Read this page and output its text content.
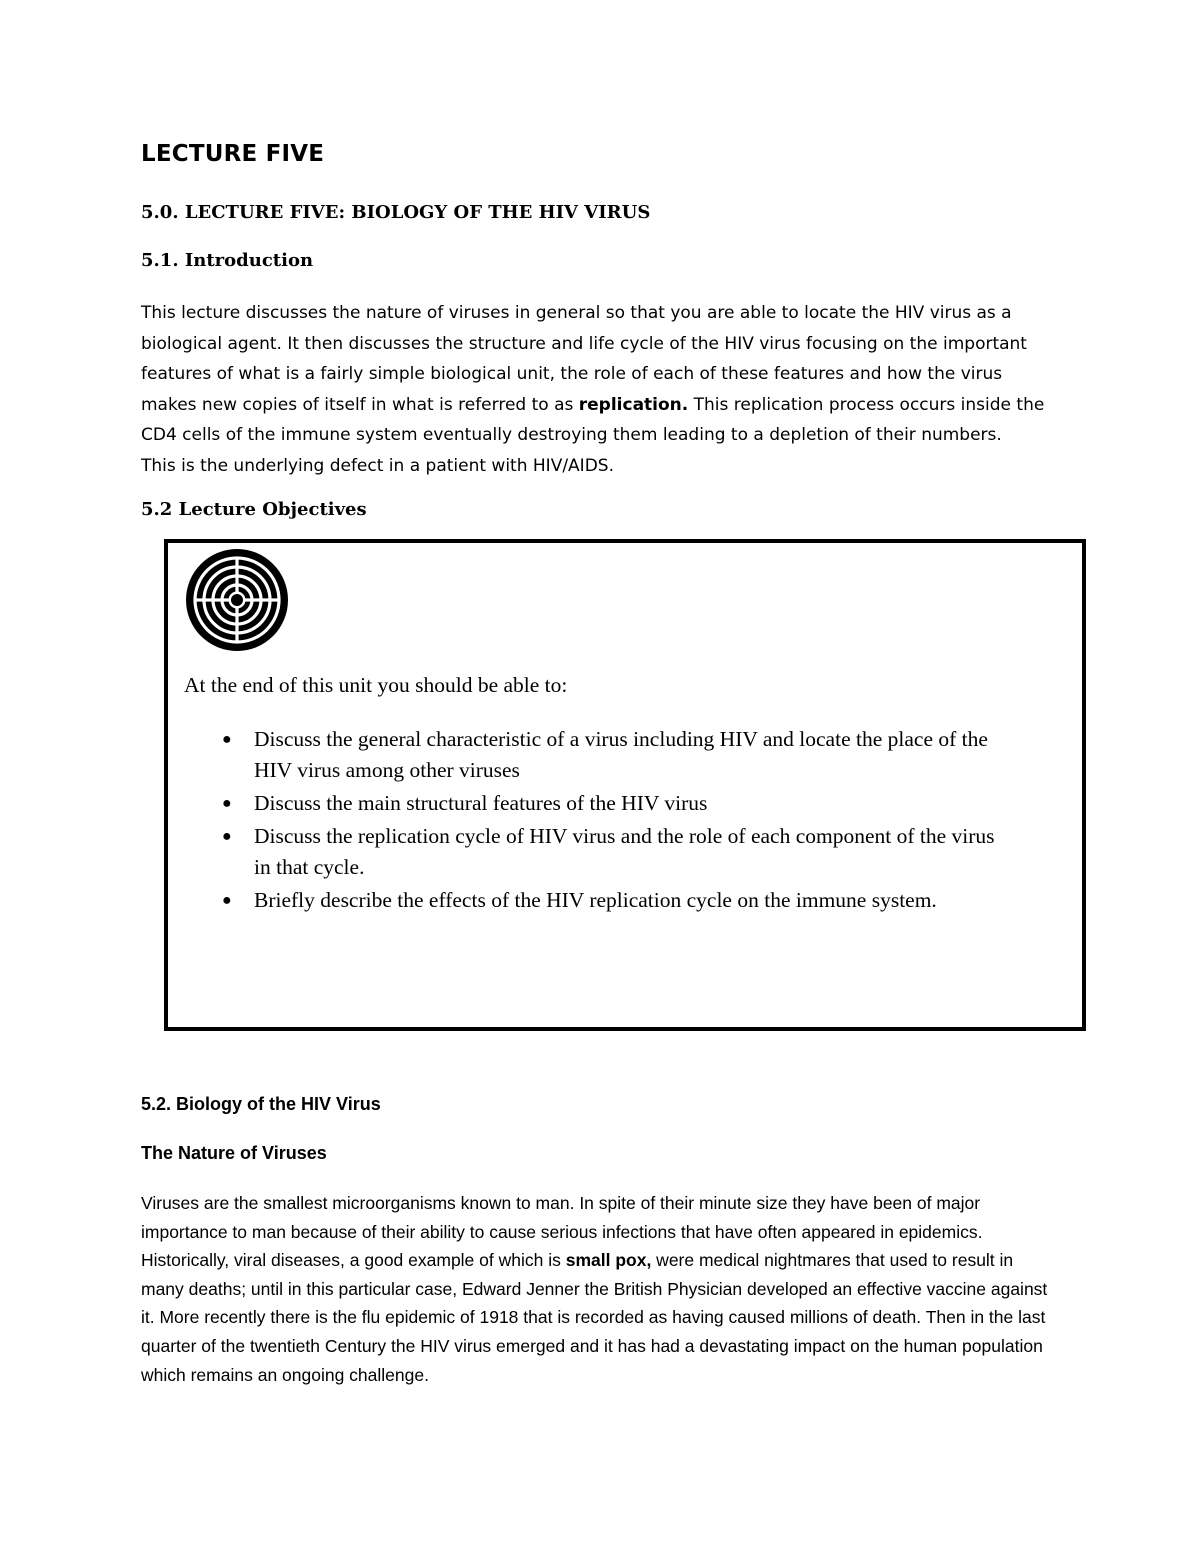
LECTURE FIVE
5.0. LECTURE FIVE: BIOLOGY OF THE HIV VIRUS
5.1. Introduction
This lecture discusses the nature of viruses in general so that you are able to locate the HIV virus as a
biological agent. It then discusses the structure and life cycle of the HIV virus focusing on the important
features of what is a fairly simple biological unit, the role of each of these features and how the virus
makes new copies of itself in what is referred to as replication. This replication process occurs inside the
CD4 cells of the immune system eventually destroying them leading to a depletion of their numbers.
This is the underlying defect in a patient with HIV/AIDS.
5.2 Lecture Objectives
At the end of this unit you should be able to:
● Discuss the general characteristic of a virus including HIV and locate the place of the
HIV virus among other viruses
● Discuss the main structural features of the HIV virus
● Discuss the replication cycle of HIV virus and the role of each component of the virus
in that cycle.
● Briefly describe the effects of the HIV replication cycle on the immune system.
5.2. Biology of the HIV Virus
The Nature of Viruses
Viruses are the smallest microorganisms known to man. In spite of their minute size they have been of major
importance to man because of their ability to cause serious infections that have often appeared in epidemics.
Historically, viral diseases, a good example of which is small pox, were medical nightmares that used to result in
many deaths; until in this particular case, Edward Jenner the British Physician developed an effective vaccine against
it. More recently there is the flu epidemic of 1918 that is recorded as having caused millions of death. Then in the last
quarter of the twentieth Century the HIV virus emerged and it has had a devastating impact on the human population
which remains an ongoing challenge.
